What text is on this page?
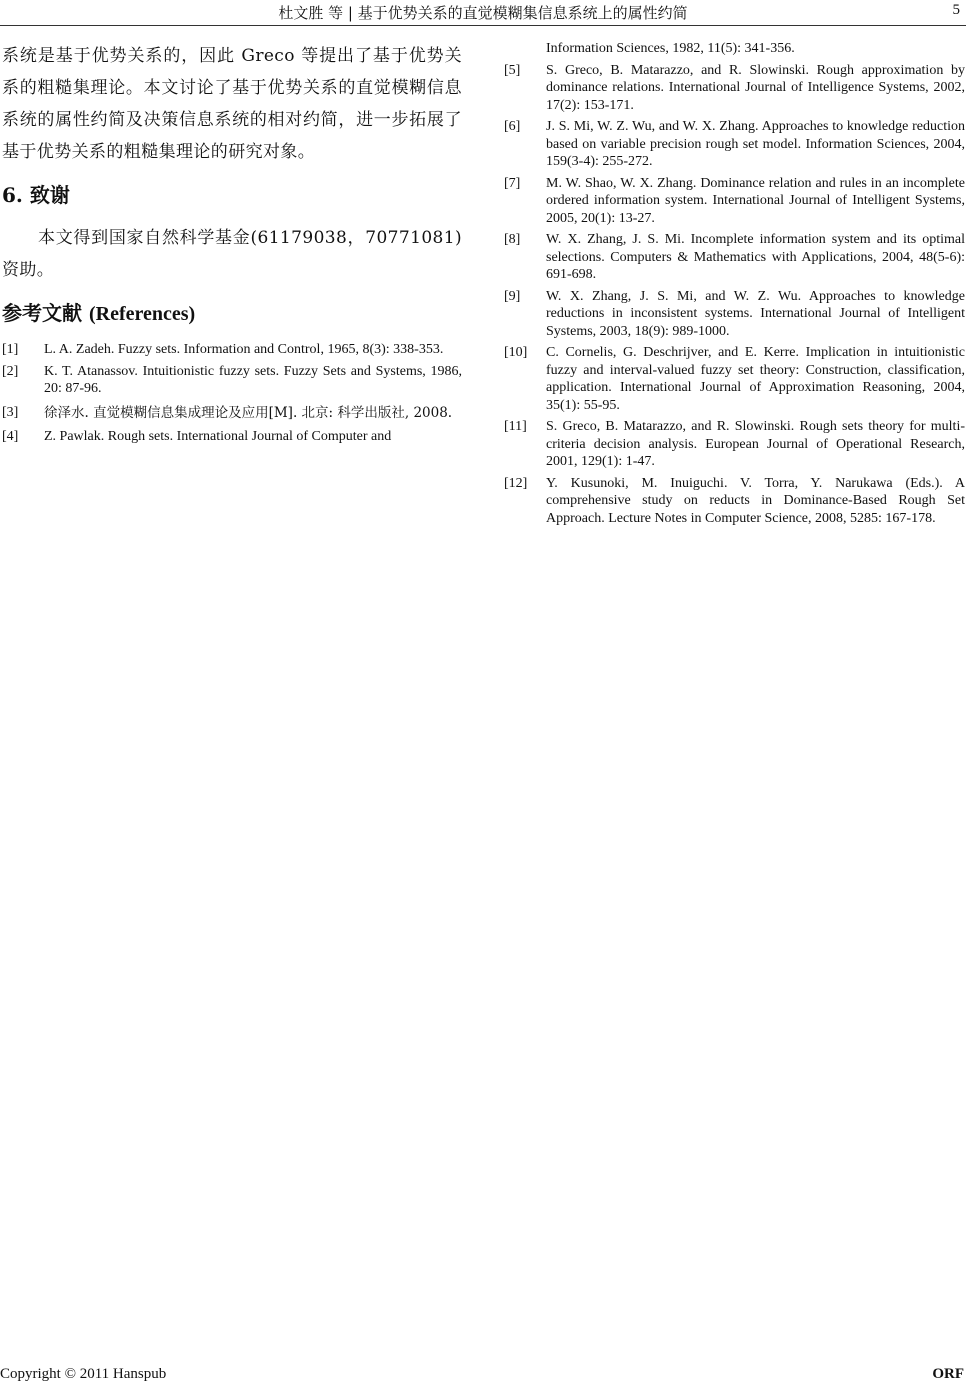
杜文胜 等 | 基于优势关系的直觉模糊集信息系统上的属性约简	5

系统是基于优势关系的，因此 Greco 等提出了基于优势关系的粗糙集理论。本文讨论了基于优势关系的直觉模糊信息系统的属性约简及决策信息系统的相对约简，进一步拓展了基于优势关系的粗糙集理论的研究对象。

6. 致谢

本文得到国家自然科学基金(61179038，70771081)资助。

参考文献 (References)
[1] L. A. Zadeh. Fuzzy sets. Information and Control, 1965, 8(3): 338-353.
[2] K. T. Atanassov. Intuitionistic fuzzy sets. Fuzzy Sets and Systems, 1986, 20: 87-96.
[3] 徐泽水. 直觉模糊信息集成理论及应用[M]. 北京: 科学出版社, 2008.
[4] Z. Pawlak. Rough sets. International Journal of Computer and

Information Sciences, 1982, 11(5): 341-356.

[5] S. Greco, B. Matarazzo, and R. Slowinski. Rough approximation by dominance relations. International Journal of Intelligence Systems, 2002, 17(2): 153-171.
[6] J. S. Mi, W. Z. Wu, and W. X. Zhang. Approaches to knowledge reduction based on variable precision rough set model. Information Sciences, 2004, 159(3-4): 255-272.
[7] M. W. Shao, W. X. Zhang. Dominance relation and rules in an incomplete ordered information system. International Journal of Intelligent Systems, 2005, 20(1): 13-27.
[8] W. X. Zhang, J. S. Mi. Incomplete information system and its optimal selections. Computers & Mathematics with Applications, 2004, 48(5-6): 691-698.
[9] W. X. Zhang, J. S. Mi, and W. Z. Wu. Approaches to knowledge reductions in inconsistent systems. International Journal of Intelligent Systems, 2003, 18(9): 989-1000.
[10] C. Cornelis, G. Deschrijver, and E. Kerre. Implication in intuitionistic fuzzy and interval-valued fuzzy set theory: Construction, classification, application. International Journal of Approximation Reasoning, 2004, 35(1): 55-95.
[11] S. Greco, B. Matarazzo, and R. Slowinski. Rough sets theory for multi-criteria decision analysis. European Journal of Operational Research, 2001, 129(1): 1-47.
[12] Y. Kusunoki, M. Inuiguchi. V. Torra, Y. Narukawa (Eds.). A comprehensive study on reducts in Dominance-Based Rough Set Approach. Lecture Notes in Computer Science, 2008, 5285: 167-178.
Copyright © 2011 Hanspub	ORF
